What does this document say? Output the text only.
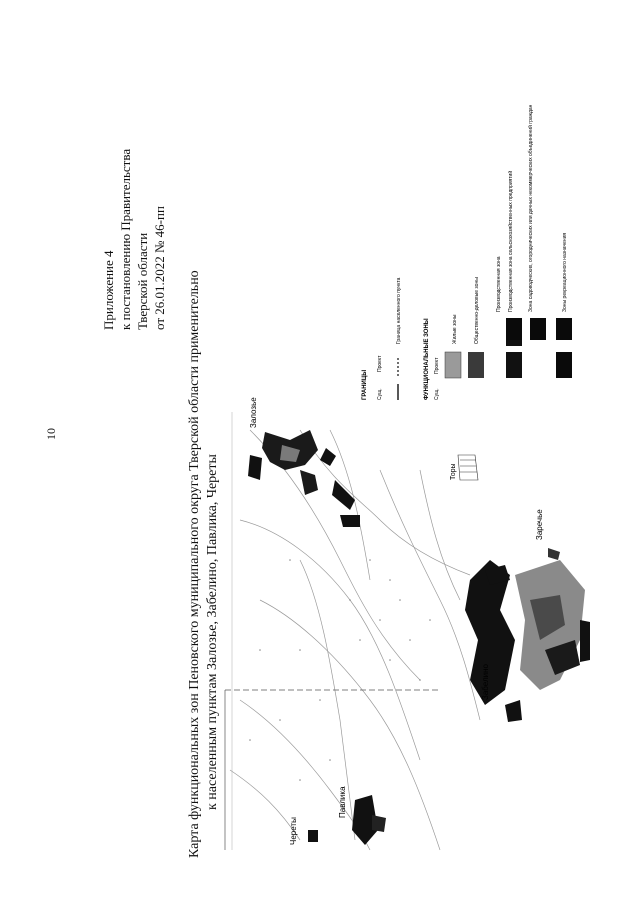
10
Приложение 4 к постановлению Правительства Тверской области от 26.01.2022 № 46-пп
Карта функциональных зон Пеновского муниципального округа Тверской области применительно к населенным пунктам Залозье, Забелино, Павлика, Череты
Залозье
Торы
Заречье
Забелино
Павлика
Череты
ГРАНИЦЫ Сущ.
Проект
Граница населенного пункта
ФУНКЦИОНАЛЬНЫЕ ЗОНЫ Сущ.
Проект
Жилые зоны	Общественно-деловые зоны	Производственная зона Производственная зона сельскохозяйственных предприятий	Зона садоводческих, огороднических или дачных некоммерческих объединений граждан	Зоны рекреационного назначения
